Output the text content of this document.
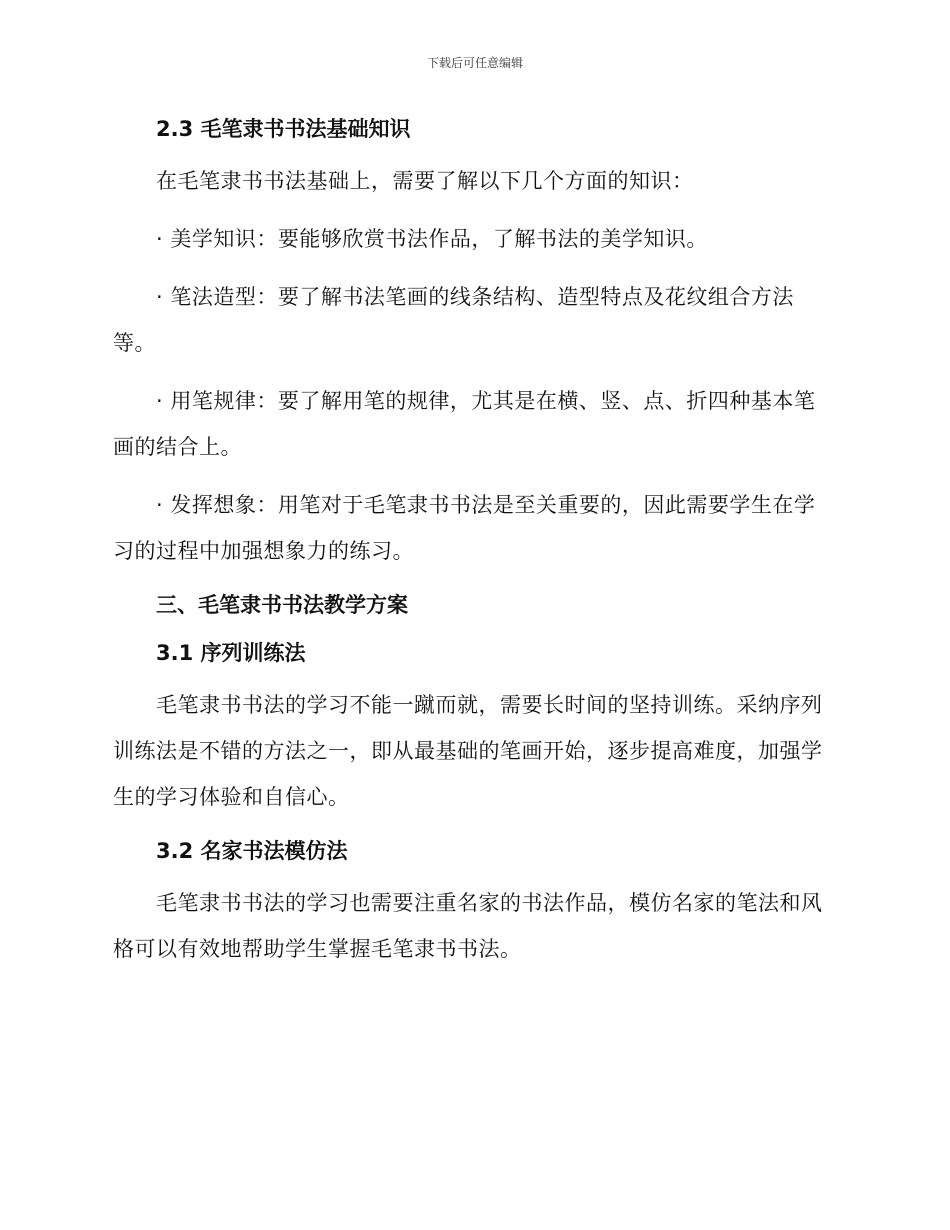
下载后可任意编辑
2.3 毛笔隶书书法基础知识

在毛笔隶书书法基础上，需要了解以下几个方面的知识：

· 美学知识：要能够欣赏书法作品，了解书法的美学知识。

· 笔法造型：要了解书法笔画的线条结构、造型特点及花纹组合方法等。

· 用笔规律：要了解用笔的规律，尤其是在横、竖、点、折四种基本笔画的结合上。

· 发挥想象：用笔对于毛笔隶书书法是至关重要的，因此需要学生在学习的过程中加强想象力的练习。

三、毛笔隶书书法教学方案
3.1 序列训练法

毛笔隶书书法的学习不能一蹴而就，需要长时间的坚持训练。采纳序列训练法是不错的方法之一，即从最基础的笔画开始，逐步提高难度，加强学生的学习体验和自信心。

3.2 名家书法模仿法

毛笔隶书书法的学习也需要注重名家的书法作品，模仿名家的笔法和风格可以有效地帮助学生掌握毛笔隶书书法。
